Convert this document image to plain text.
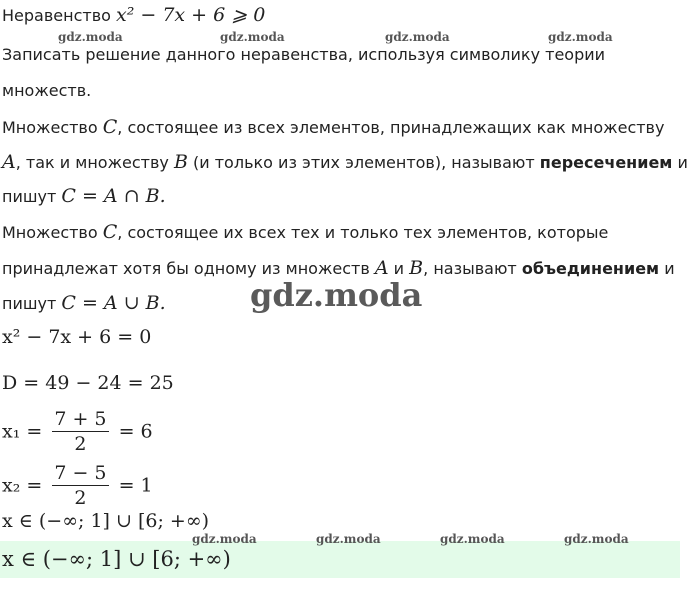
Неравенство x² − 7x + 6 ⩾ 0
Записать решение данного неравенства, используя символику теории
множеств.
Множество C, состоящее из всех элементов, принадлежащих как множеству
A, так и множеству B (и только из этих элементов), называют пересечением и
пишут C = A ∩ B.
Множество C, состоящее их всех тех и только тех элементов, которые
принадлежат хотя бы одному из множеств A и B, называют объединением и
пишут C = A ∪ B.
x² − 7x + 6 = 0
D = 49 − 24 = 25
$x_1 = \frac{7 + 5}{2} = 6$
$x_2 = \frac{7 - 5}{2} = 1$
x ∈ (−∞; 1] ∪ [6; +∞)
x ∈ (−∞; 1] ∪ [6; +∞)
gdz.moda	gdz.moda	gdz.moda	gdz.moda
gdz.moda
gdz.moda	gdz.moda	gdz.moda	gdz.moda
